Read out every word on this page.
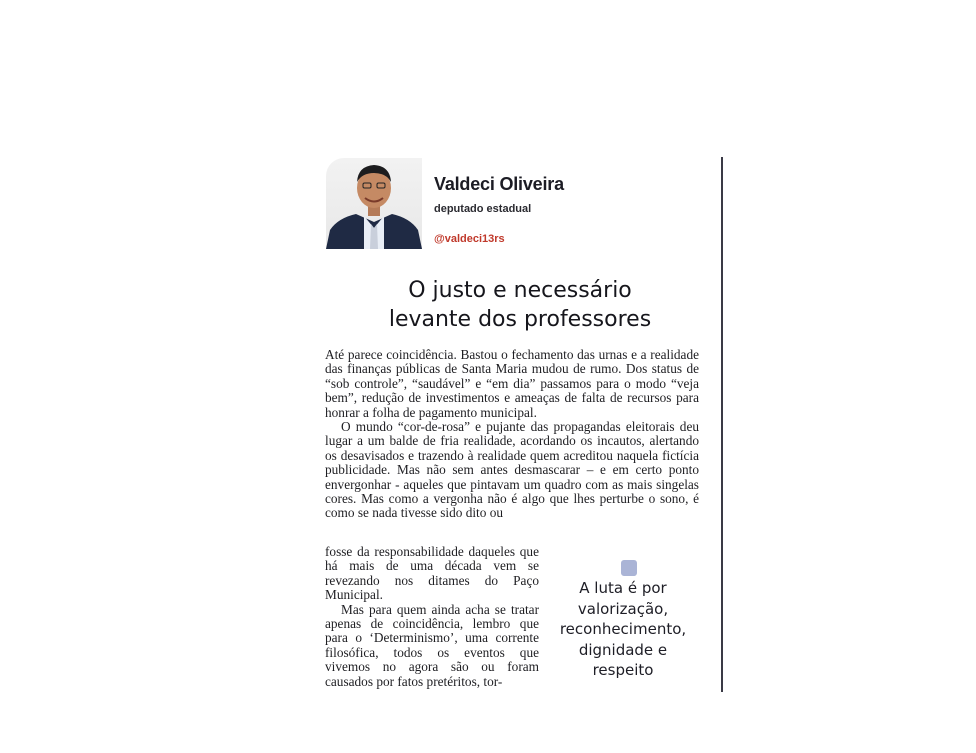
Valdeci Oliveira
deputado estadual
@valdeci13rs
O justo e necessário
levante dos professores

Até parece coincidência. Bastou o fechamento das urnas e a realidade das finanças públicas de Santa Maria mudou de rumo. Dos status de “sob controle”, “saudável” e “em dia” passamos para o modo “veja bem”, redução de investimentos e ameaças de falta de recursos para honrar a folha de pagamento municipal.

O mundo “cor-de-rosa” e pujante das propagandas eleitorais deu lugar a um balde de fria realidade, acordando os incautos, alertando os desavisados e trazendo à realidade quem acreditou naquela fictícia publicidade. Mas não sem antes desmascarar – e em certo ponto envergonhar - aqueles que pintavam um quadro com as mais singelas cores. Mas como a vergonha não é algo que lhes perturbe o sono, é como se nada tivesse sido dito ou

fosse da responsabilidade daqueles que há mais de uma década vem se revezando nos ditames do Paço Municipal.

Mas para quem ainda acha se tratar apenas de coincidência, lembro que para o ‘Determinismo’, uma corrente filosófica, todos os eventos que vivemos no agora são ou foram causados por fatos pretéritos, tor-

A luta é por valorização, reconhecimento, dignidade e respeito
